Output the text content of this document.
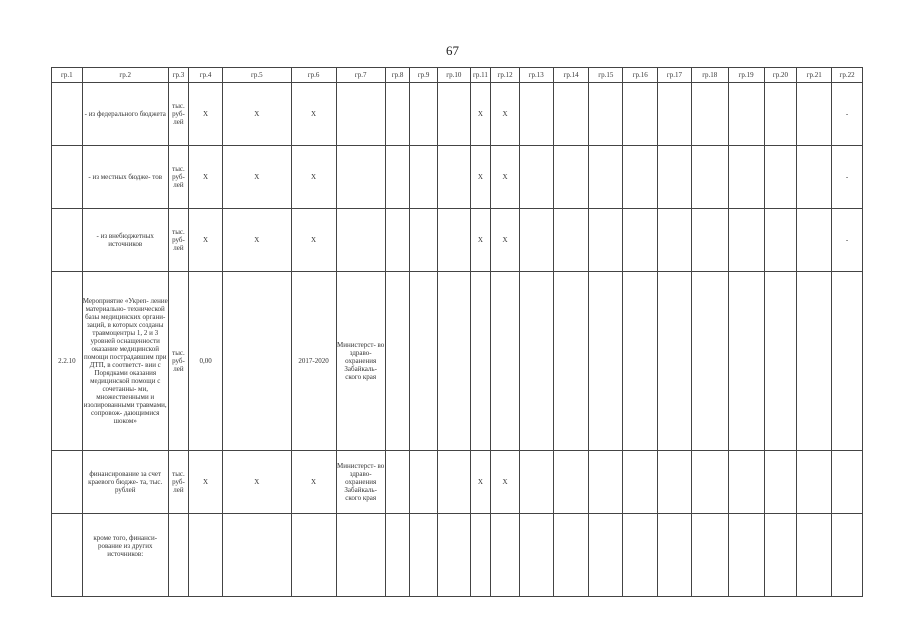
67
гр.1	гр.2	гр.3	гр.4	гр.5	гр.6	гр.7	гр.8	гр.9	гр.10	гр.11	гр.12	гр.13	гр.14	гр.15	гр.16	гр.17	гр.18	гр.19	гр.20	гр.21	гр.22
	- из федерального бюджета	тыс. руб- лей	X	X	X					X	X										-
	- из местных бюдже- тов	тыс. руб- лей	X	X	X					X	X										-
	- из внебюджетных источников	тыс. руб- лей	X	X	X					X	X										-
2.2.10	Мероприятие «Укреп- ление материально- технической базы медицинских органи- заций, в которых созданы травмоцентры 1, 2 и 3 уровней оснащенности оказание медицинской помощи пострадавшим при ДТП, в соответст- вии с Порядками оказания медицинской помощи с сочетанны- ми, множественными и изолированными травмами, сопровож- дающимися шоком»	тыс. руб- лей	0,00		2017-2020	Министерст- во здраво- охранения Забайкаль- ского края															
	финансирование за счет краевого бюдже- та, тыс. рублей	тыс. руб- лей	X	X	X	Министерст- во здраво- охранения Забайкаль- ского края				X	X										
	кроме того, финанси- рование из других источников:																				
